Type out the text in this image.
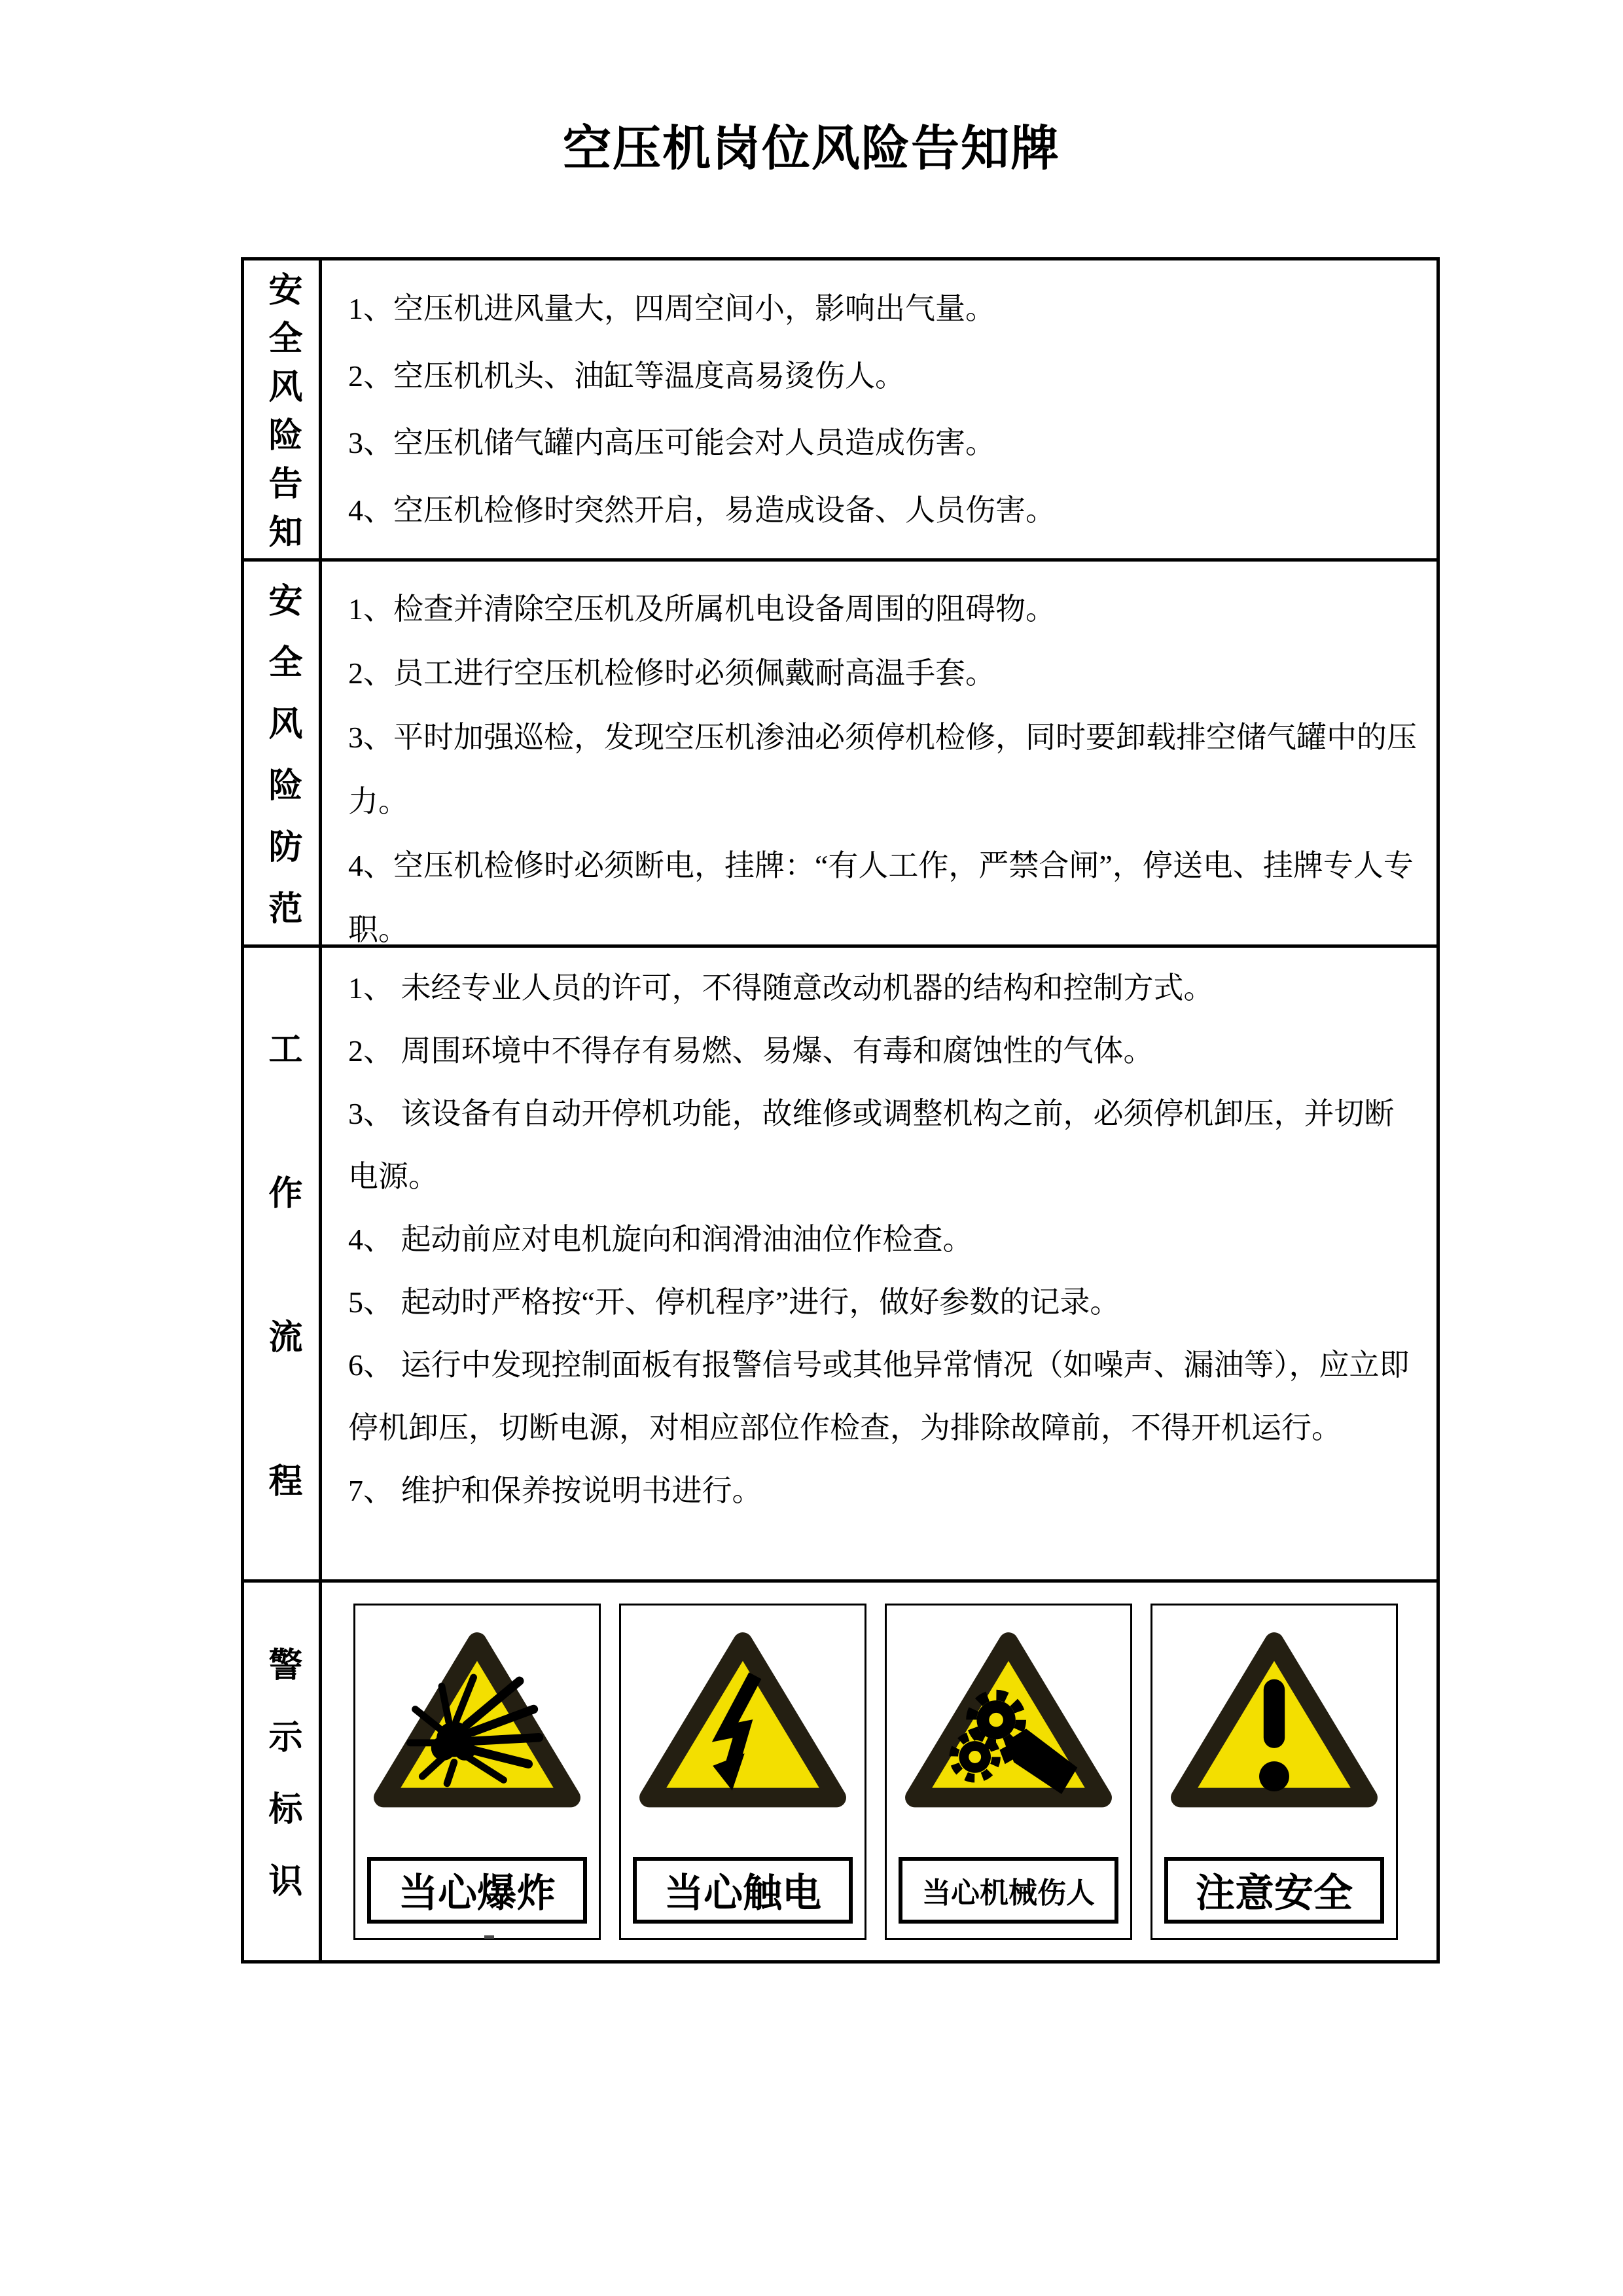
空压机岗位风险告知牌
安全风险告知 1、空压机进风量大，四周空间小，影响出气量。

2、空压机机头、油缸等温度高易烫伤人。

3、空压机储气罐内高压可能会对人员造成伤害。

4、空压机检修时突然开启，易造成设备、人员伤害。

安全风险防范 1、检查并清除空压机及所属机电设备周围的阻碍物。

2、员工进行空压机检修时必须佩戴耐高温手套。

3、平时加强巡检，发现空压机渗油必须停机检修，同时要卸载排空储气罐中的压力。

4、空压机检修时必须断电，挂牌：“有人工作，严禁合闸”，停送电、挂牌专人专职。

工作流程

1、 未经专业人员的许可，不得随意改动机器的结构和控制方式。

2、 周围环境中不得存有易燃、易爆、有毒和腐蚀性的气体。

3、 该设备有自动开停机功能，故维修或调整机构之前，必须停机卸压，并切断电源。

4、 起动前应对电机旋向和润滑油油位作检查。

5、 起动时严格按“开、停机程序”进行，做好参数的记录。

6、 运行中发现控制面板有报警信号或其他异常情况（如噪声、漏油等），应立即停机卸压，切断电源，对相应部位作检查，为排除故障前，不得开机运行。

7、 维护和保养按说明书进行。

警示标识	当心爆炸	当心触电	当心机械伤人	注意安全
